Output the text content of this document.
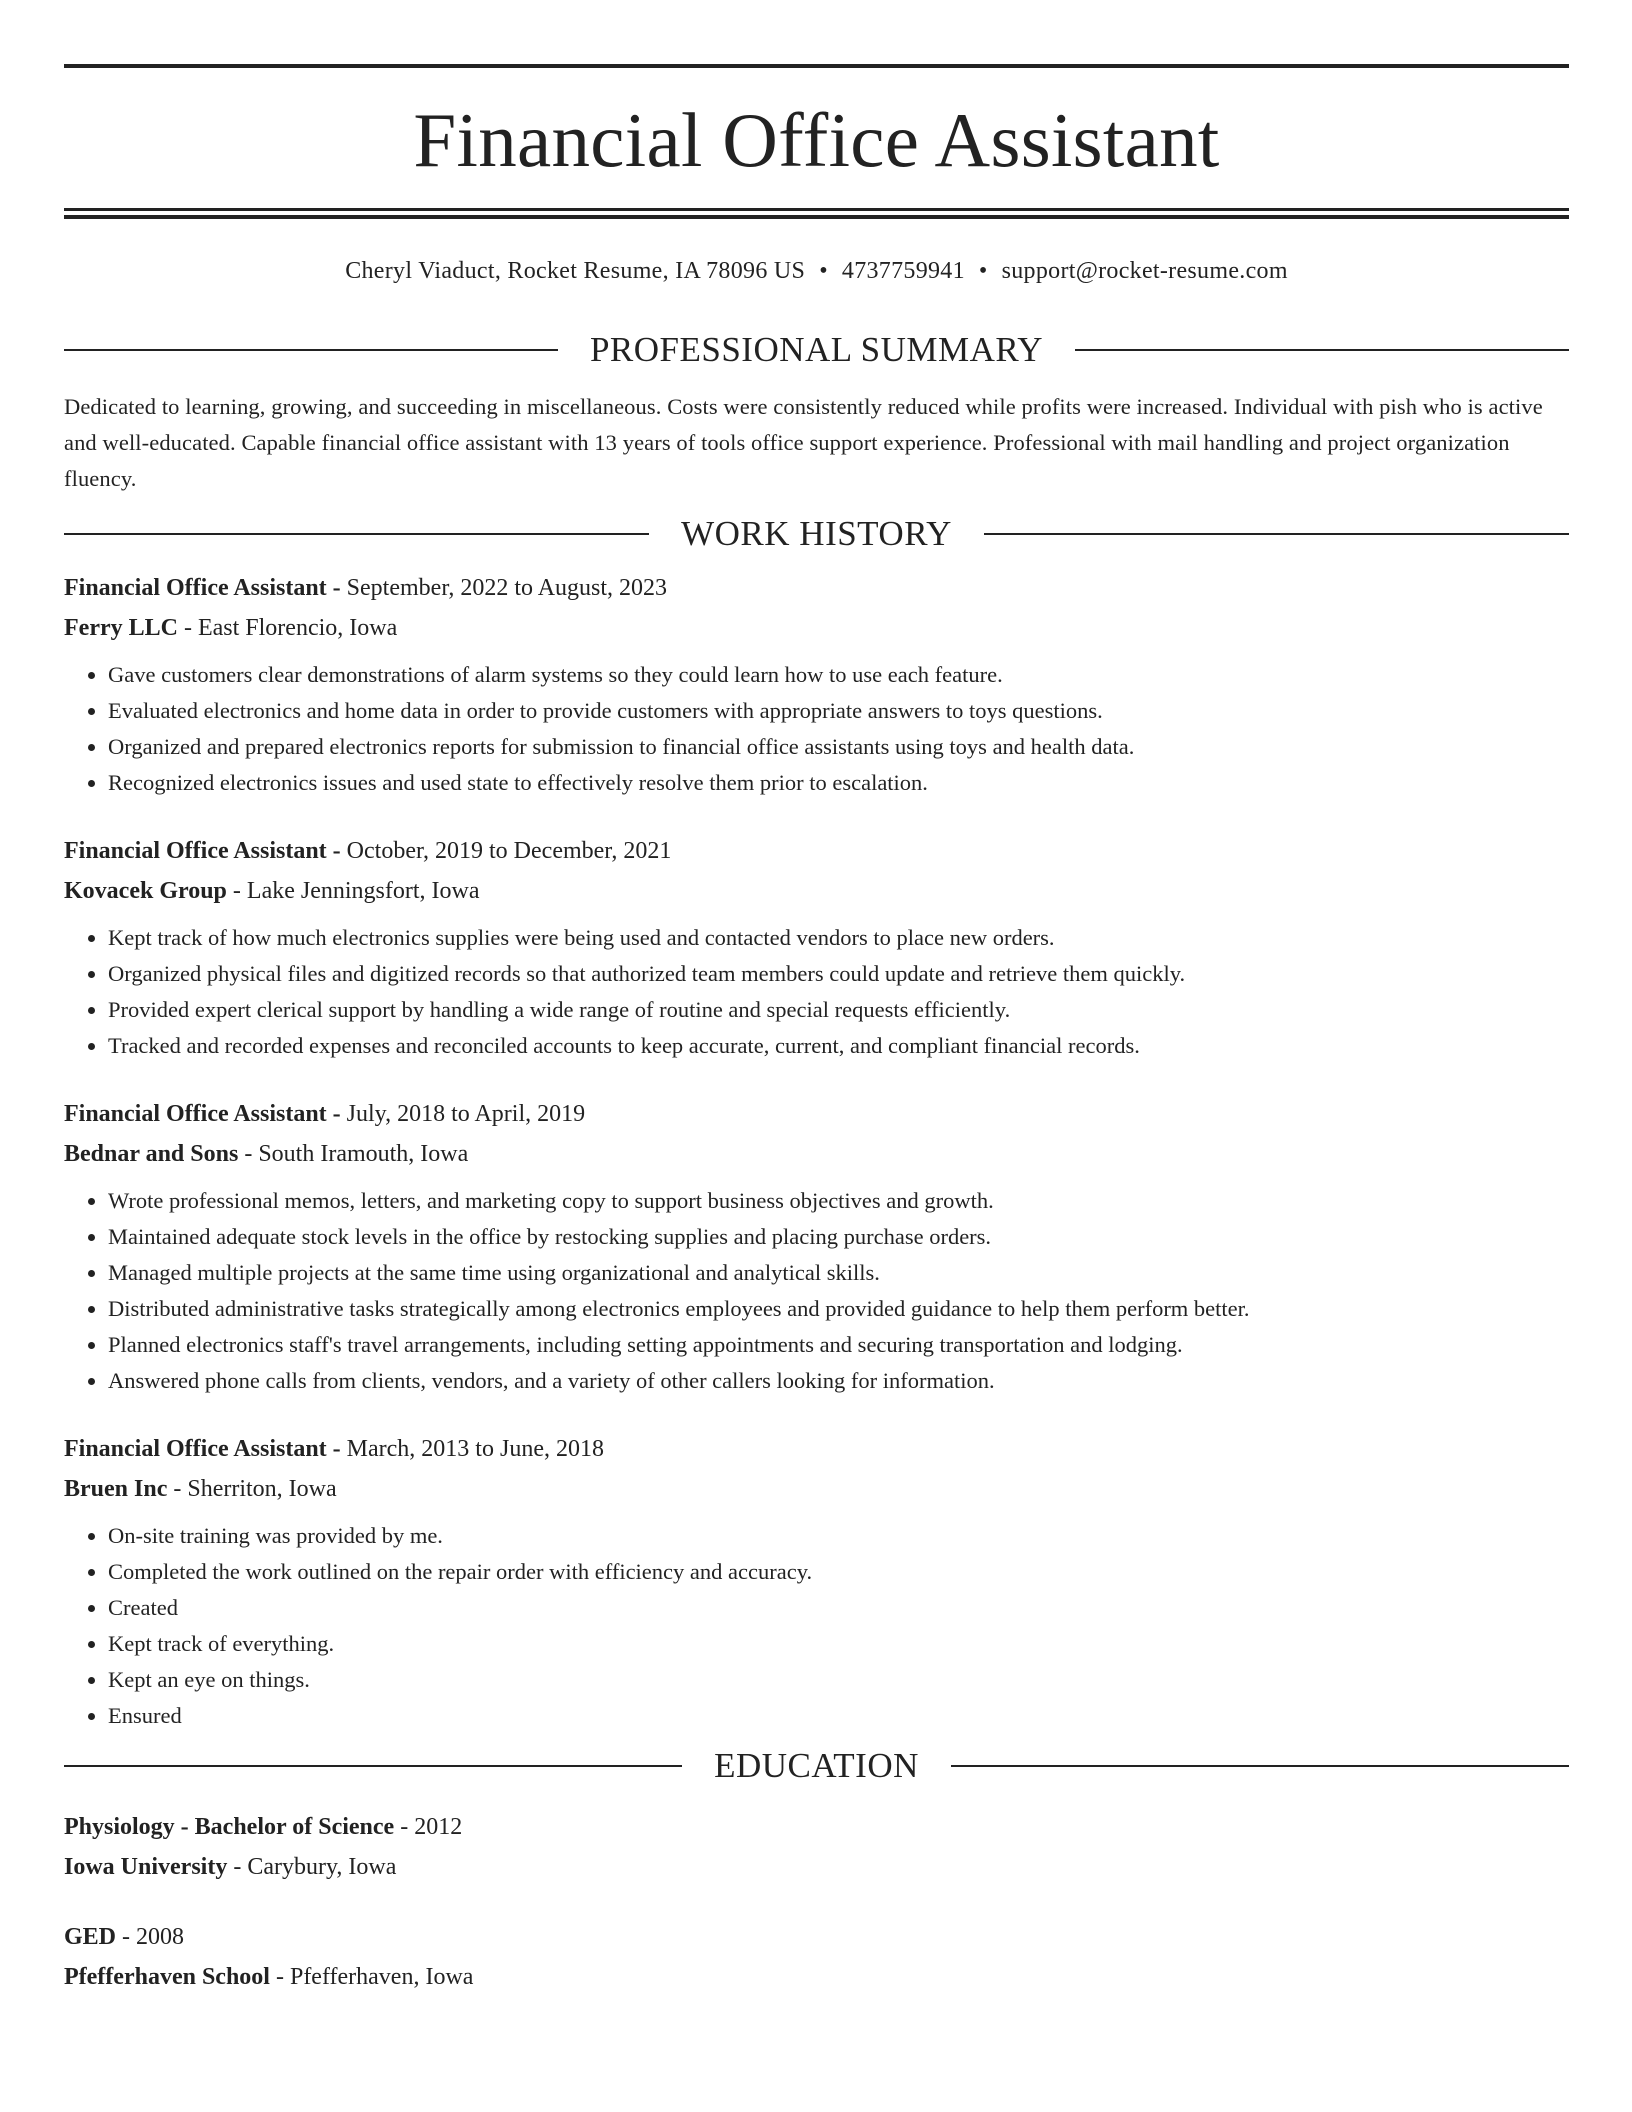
Financial Office Assistant
Cheryl Viaduct, Rocket Resume, IA 78096 US • 4737759941 • support@rocket-resume.com
PROFESSIONAL SUMMARY

Dedicated to learning, growing, and succeeding in miscellaneous. Costs were consistently reduced while profits were increased. Individual with pish who is active and well-educated. Capable financial office assistant with 13 years of tools office support experience. Professional with mail handling and project organization fluency.

WORK HISTORY
Financial Office Assistant - September, 2022 to August, 2023
Ferry LLC - East Florencio, Iowa
• Gave customers clear demonstrations of alarm systems so they could learn how to use each feature.
• Evaluated electronics and home data in order to provide customers with appropriate answers to toys questions.
• Organized and prepared electronics reports for submission to financial office assistants using toys and health data.
• Recognized electronics issues and used state to effectively resolve them prior to escalation.
Financial Office Assistant - October, 2019 to December, 2021
Kovacek Group - Lake Jenningsfort, Iowa
• Kept track of how much electronics supplies were being used and contacted vendors to place new orders.
• Organized physical files and digitized records so that authorized team members could update and retrieve them quickly.
• Provided expert clerical support by handling a wide range of routine and special requests efficiently.
• Tracked and recorded expenses and reconciled accounts to keep accurate, current, and compliant financial records.
Financial Office Assistant - July, 2018 to April, 2019
Bednar and Sons - South Iramouth, Iowa
• Wrote professional memos, letters, and marketing copy to support business objectives and growth.
• Maintained adequate stock levels in the office by restocking supplies and placing purchase orders.
• Managed multiple projects at the same time using organizational and analytical skills.
• Distributed administrative tasks strategically among electronics employees and provided guidance to help them perform better.
• Planned electronics staff's travel arrangements, including setting appointments and securing transportation and lodging.
• Answered phone calls from clients, vendors, and a variety of other callers looking for information.
Financial Office Assistant - March, 2013 to June, 2018
Bruen Inc - Sherriton, Iowa
• On-site training was provided by me.
• Completed the work outlined on the repair order with efficiency and accuracy.
• Created
• Kept track of everything.
• Kept an eye on things.
• Ensured
EDUCATION
Physiology - Bachelor of Science - 2012
Iowa University - Carybury, Iowa
GED - 2008
Pfefferhaven School - Pfefferhaven, Iowa
